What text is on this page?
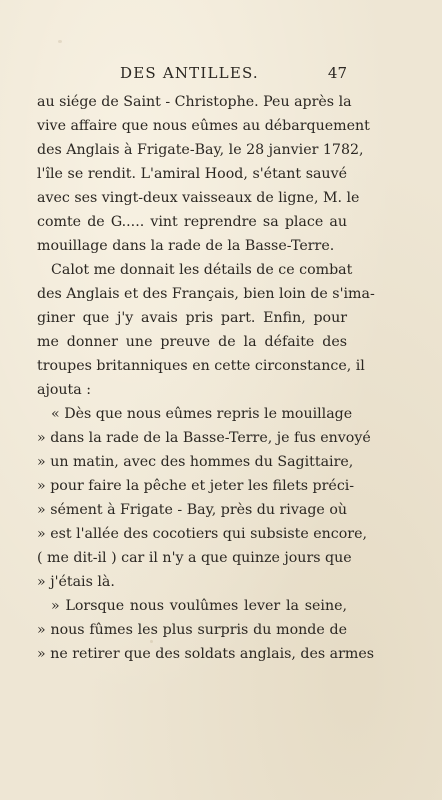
DES ANTILLES.	47
au siége de Saint - Christophe. Peu après la
vive affaire que nous eûmes au débarquement
des Anglais à Frigate-Bay, le 28 janvier 1782,
l'île se rendit. L'amiral Hood, s'étant sauvé
avec ses vingt-deux vaisseaux de ligne, M. le
comte de G..... vint reprendre sa place au
mouillage dans la rade de la Basse-Terre.
Calot me donnait les détails de ce combat
des Anglais et des Français, bien loin de s'ima-
giner que j'y avais pris part. Enfin, pour
me donner une preuve de la défaite des
troupes britanniques en cette circonstance, il
ajouta :
« Dès que nous eûmes repris le mouillage
» dans la rade de la Basse-Terre, je fus envoyé
» un matin, avec des hommes du Sagittaire,
» pour faire la pêche et jeter les filets préci-
» sément à Frigate - Bay, près du rivage où
» est l'allée des cocotiers qui subsiste encore,
( me dit-il ) car il n'y a que quinze jours que
» j'étais là.
» Lorsque nous voulûmes lever la seine,
» nous fûmes les plus surpris du monde de
» ne retirer que des soldats anglais, des armes
